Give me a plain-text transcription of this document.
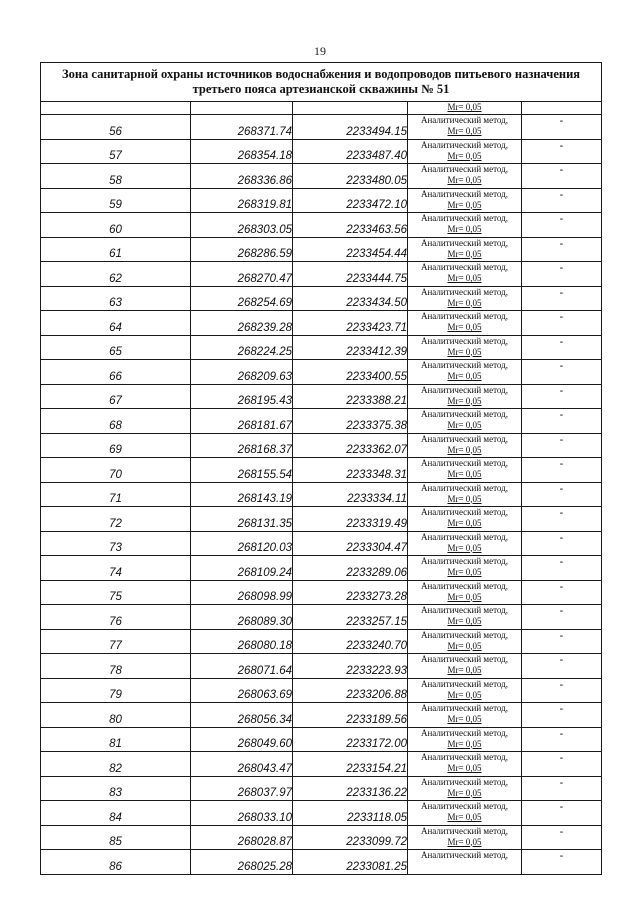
19
Зона санитарной охраны источников водоснабжения и водопроводов питьевого назначения
третьего пояса артезианской скважины № 51				

			Mr= 0,05	

56	268371.74	2233494.15	Аналитический метод,
Mr= 0,05	-

57	268354.18	2233487.40	Аналитический метод,
Mr= 0,05	-

58	268336.86	2233480.05	Аналитический метод,
Mr= 0,05	-

59	268319.81	2233472.10	Аналитический метод,
Mr= 0,05	-

60	268303.05	2233463.56	Аналитический метод,
Mr= 0,05	-

61	268286.59	2233454.44	Аналитический метод,
Mr= 0,05	-

62	268270.47	2233444.75	Аналитический метод,
Mr= 0,05	-

63	268254.69	2233434.50	Аналитический метод,
Mr= 0,05	-

64	268239.28	2233423.71	Аналитический метод,
Mr= 0,05	-

65	268224.25	2233412.39	Аналитический метод,
Mr= 0,05	-

66	268209.63	2233400.55	Аналитический метод,
Mr= 0,05	-

67	268195.43	2233388.21	Аналитический метод,
Mr= 0,05	-

68	268181.67	2233375.38	Аналитический метод,
Mr= 0,05	-

69	268168.37	2233362.07	Аналитический метод,
Mr= 0,05	-

70	268155.54	2233348.31	Аналитический метод,
Mr= 0,05	-

71	268143.19	2233334.11	Аналитический метод,
Mr= 0,05	-

72	268131.35	2233319.49	Аналитический метод,
Mr= 0,05	-

73	268120.03	2233304.47	Аналитический метод,
Mr= 0,05	-

74	268109.24	2233289.06	Аналитический метод,
Mr= 0,05	-

75	268098.99	2233273.28	Аналитический метод,
Mr= 0,05	-

76	268089.30	2233257.15	Аналитический метод,
Mr= 0,05	-

77	268080.18	2233240.70	Аналитический метод,
Mr= 0,05	-

78	268071.64	2233223.93	Аналитический метод,
Mr= 0,05	-

79	268063.69	2233206.88	Аналитический метод,
Mr= 0,05	-

80	268056.34	2233189.56	Аналитический метод,
Mr= 0,05	-

81	268049.60	2233172.00	Аналитический метод,
Mr= 0,05	-

82	268043.47	2233154.21	Аналитический метод,
Mr= 0,05	-

83	268037.97	2233136.22	Аналитический метод,
Mr= 0,05	-

84	268033.10	2233118.05	Аналитический метод,
Mr= 0,05	-

85	268028.87	2233099.72	Аналитический метод,
Mr= 0,05	-

86	268025.28	2233081.25	Аналитический метод,	-
